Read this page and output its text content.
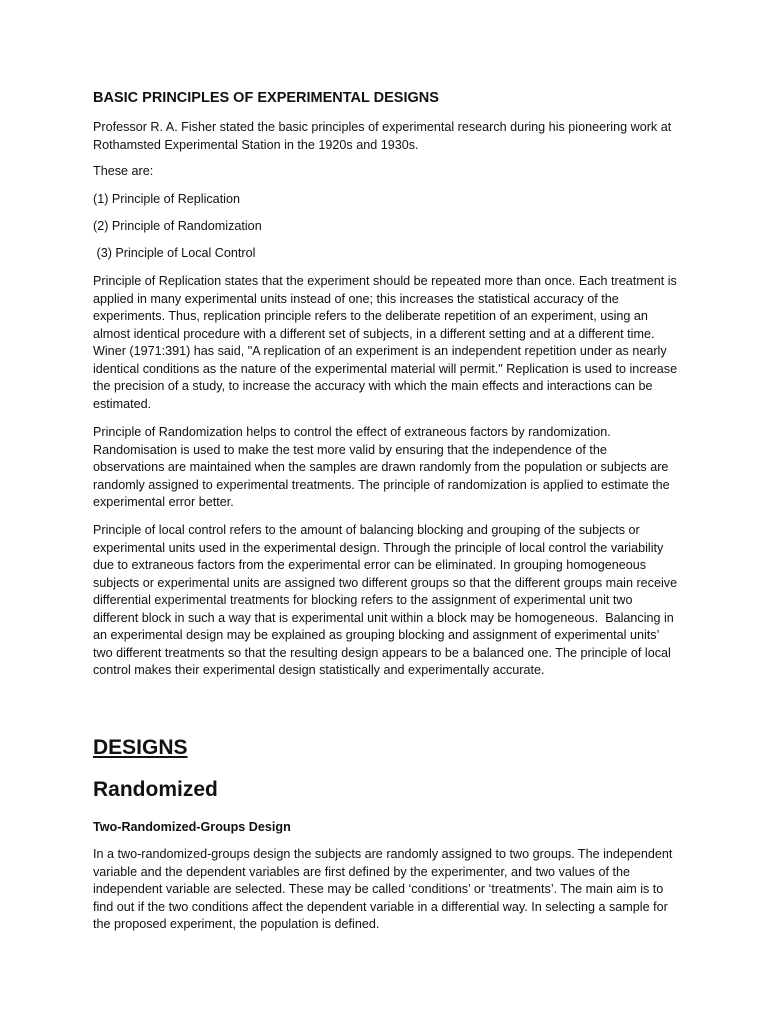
BASIC PRINCIPLES OF EXPERIMENTAL DESIGNS

Professor R. A. Fisher stated the basic principles of experimental research during his pioneering work at Rothamsted Experimental Station in the 1920s and 1930s.

These are:

(1) Principle of Replication

(2) Principle of Randomization

(3) Principle of Local Control

Principle of Replication states that the experiment should be repeated more than once. Each treatment is applied in many experimental units instead of one; this increases the statistical accuracy of the experiments. Thus, replication principle refers to the deliberate repetition of an experiment, using an almost identical procedure with a different set of subjects, in a different setting and at a different time. Winer (1971:391) has said, "A replication of an experiment is an independent repetition under as nearly identical conditions as the nature of the experimental material will permit." Replication is used to increase the precision of a study, to increase the accuracy with which the main effects and interactions can be estimated.

Principle of Randomization helps to control the effect of extraneous factors by randomization. Randomisation is used to make the test more valid by ensuring that the independence of the observations are maintained when the samples are drawn randomly from the population or subjects are randomly assigned to experimental treatments. The principle of randomization is applied to estimate the experimental error better.

Principle of local control refers to the amount of balancing blocking and grouping of the subjects or experimental units used in the experimental design. Through the principle of local control the variability due to extraneous factors from the experimental error can be eliminated. In grouping homogeneous subjects or experimental units are assigned two different groups so that the different groups main receive differential experimental treatments for blocking refers to the assignment of experimental unit two different block in such a way that is experimental unit within a block may be homogeneous.  Balancing in an experimental design may be explained as grouping blocking and assignment of experimental units’ two different treatments so that the resulting design appears to be a balanced one. The principle of local control makes their experimental design statistically and experimentally accurate.

DESIGNS
Randomized
Two-Randomized-Groups Design

In a two-randomized-groups design the subjects are randomly assigned to two groups. The independent variable and the dependent variables are first defined by the experimenter, and two values of the independent variable are selected. These may be called ‘conditions’ or ‘treatments’. The main aim is to find out if the two conditions affect the dependent variable in a differential way. In selecting a sample for the proposed experiment, the population is defined.
